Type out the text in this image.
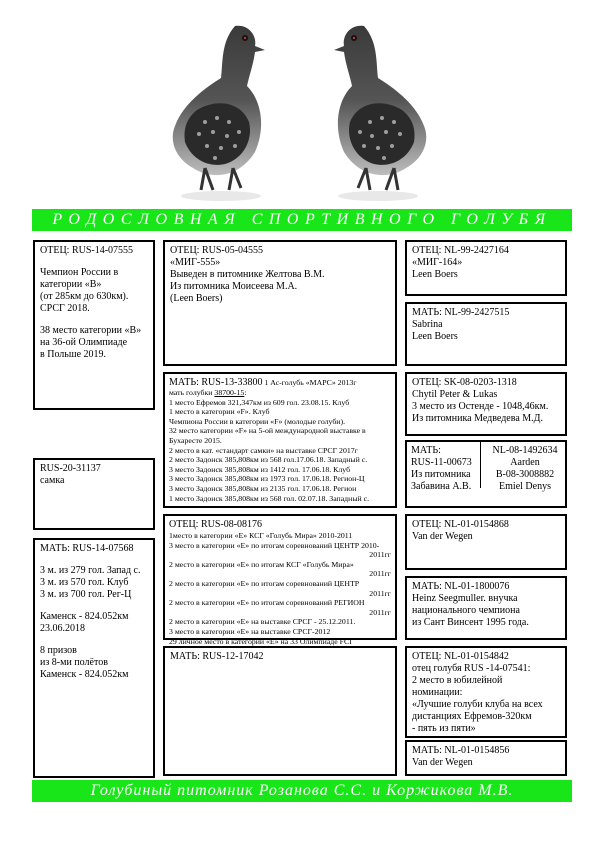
РОДОСЛОВНАЯ СПОРТИВНОГО ГОЛУБЯ
ОТЕЦ: RUS-14-07555
Чемпион России в
категории «В»
(от 285км до 630км).
СРСГ 2018.
38 место категории «В»
на 36-ой Олимпиаде
в Польше 2019.
RUS-20-31137
самка
МАТЬ: RUS-14-07568
3 м. из 279 гол. Запад с.
3 м. из 570 гол. Клуб
3 м. из 700 гол. Рег-Ц
Каменск - 824.052км
23.06.2018
8 призов
из 8-ми полётов
Каменск - 824.052км
ОТЕЦ: RUS-05-04555
«МИГ-555»
Выведен в питомнике Желтова В.М.
Из питомника Моисеева М.А.
(Leen Boers)
МАТЬ: RUS-13-33800 1 Ас-голубь «МАРС» 2013г
мать голубки 38700-15:
1 место Ефремов 321,347км из 609 гол. 23.08.15. Клуб
1 место в категории «F». Клуб
Чемпиона России в категории «F» (молодые голуби).
32 место категории «F» на 5-ой международной выставке в
Бухаресте 2015.
2 место в кат. «стандарт самки» на выставке СРСГ 2017г
2 место Задонск 385,808км из 568 гол.17.06.18. Западный с.
3 место Задонск 385,808км из 1412 гол. 17.06.18. Клуб
3 место Задонск 385,808км из 1973 гол. 17.06.18. Регион-Ц
3 место Задонск 385,808км из 2135 гол. 17.06.18. Регион
1 место Задонск 385,808км из 568 гол. 02.07.18. Западный с.
ОТЕЦ: RUS-08-08176
1место в категории «Е» КСГ «Голубь Мира» 2010-2011
3 место в категории «Е» по итогам соревнований ЦЕНТР 2010-
2011гг
2 место в категории «Е» по итогам КСГ «Голубь Мира»
2011гг
2 место в категории «Е» по итогам соревнований ЦЕНТР
2011гг
2 место в категории «Е» по итогам соревнований РЕГИОН
2011гг
2 место в категории «Е» на выставке СРСГ - 25.12.2011.
3 место в категории «Е» на выставке СРСГ-2012
29 личное место в категории «Е» на 33 Олимпиаде FCI
МАТЬ: RUS-12-17042
ОТЕЦ: NL-99-2427164
«МИГ-164»
Leen Boers
МАТЬ: NL-99-2427515
Sabrina
Leen Boers
ОТЕЦ: SK-08-0203-1318
Chytil Peter & Lukas
3 место из Остенде - 1048,46км.
Из питомника Медведева М.Д.
МАТЬ:
RUS-11-00673
Из питомника
Забавина А.В.
NL-08-1492634
Aarden
B-08-3008882
Emiel Denys
ОТЕЦ: NL-01-0154868
Van der Wegen
МАТЬ: NL-01-1800076
Heinz Seegmuller. внучка
национального чемпиона
из Сант Винсент 1995 года.
ОТЕЦ: NL-01-0154842
отец голубя RUS -14-07541:
2 место в юбилейной
номинации:
«Лучшие голуби клуба на всех
дистанциях Ефремов-320км
- пять из пяти»
МАТЬ: NL-01-0154856
Van der Wegen
Голубиный питомник Розанова С.С. и Коржикова М.В.
